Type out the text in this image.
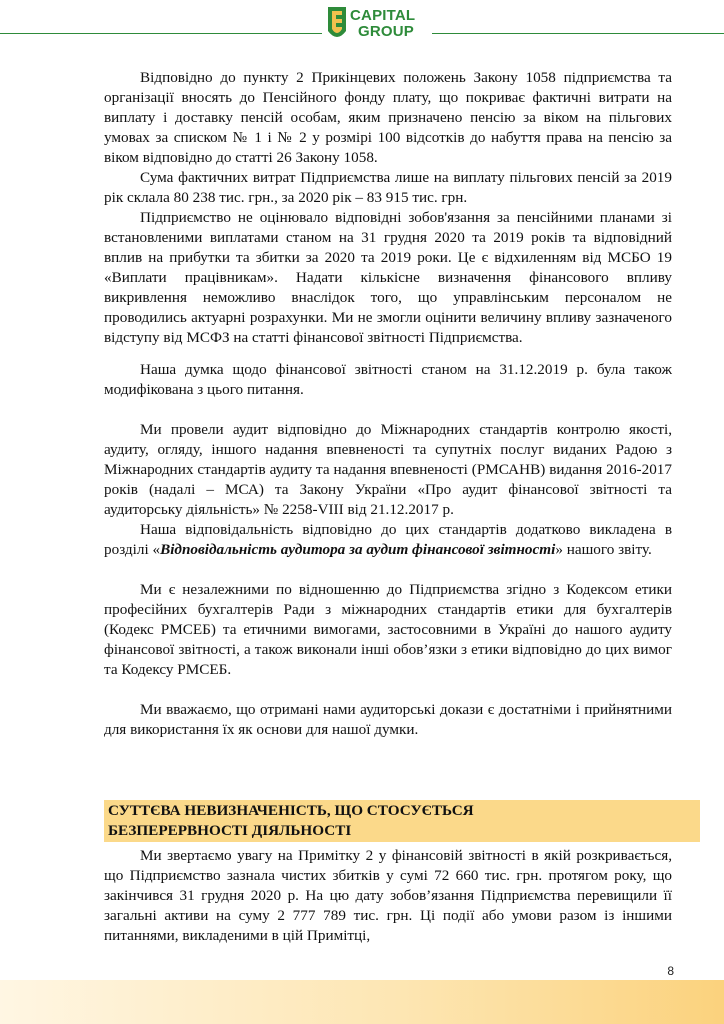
CAPITAL
GROUP

Відповідно до пункту 2 Прикінцевих положень Закону 1058 підприємства та організації вносять до Пенсійного фонду плату, що покриває фактичні витрати на виплату і доставку пенсій особам, яким призначено пенсію за віком на пільгових умовах за списком № 1 і № 2 у розмірі 100 відсотків до набуття права на пенсію за віком відповідно до статті 26 Закону 1058.

Сума фактичних витрат Підприємства лише на виплату пільгових пенсій за 2019 рік склала 80 238 тис. грн., за 2020 рік – 83 915 тис. грн.

Підприємство не оцінювало відповідні зобов'язання за пенсійними планами зі встановленими виплатами станом на 31 грудня 2020 та 2019 років та відповідний вплив на прибутки та збитки за 2020 та 2019 роки. Це є відхиленням від МСБО 19 «Виплати працівникам». Надати кількісне визначення фінансового впливу викривлення неможливо внаслідок того, що управлінським персоналом не проводились актуарні розрахунки. Ми не змогли оцінити величину впливу зазначеного відступу від МСФЗ на статті фінансової звітності Підприємства.

Наша думка щодо фінансової звітності станом на 31.12.2019 р. була також модифікована з цього питання.

Ми провели аудит відповідно до Міжнародних стандартів контролю якості, аудиту, огляду, іншого надання впевненості та супутніх послуг виданих Радою з Міжнародних стандартів аудиту та надання впевненості (РМСАНВ) видання 2016-2017 років (надалі – МСА) та Закону України «Про аудит фінансової звітності та аудиторську діяльність» № 2258-VIII від 21.12.2017 р.

Наша відповідальність відповідно до цих стандартів додатково викладена в розділі «Відповідальність аудитора за аудит фінансової звітності» нашого звіту.

Ми є незалежними по відношенню до Підприємства згідно з Кодексом етики професійних бухгалтерів Ради з міжнародних стандартів етики для бухгалтерів (Кодекс РМСЕБ) та етичними вимогами, застосовними в Україні до нашого аудиту фінансової звітності, а також виконали інші обов’язки з етики відповідно до цих вимог та Кодексу РМСЕБ.

Ми вважаємо, що отримані нами аудиторські докази є достатніми і прийнятними для використання їх як основи для нашої думки.

СУТТЄВА НЕВИЗНАЧЕНІСТЬ, ЩО СТОСУЄТЬСЯ
БЕЗПЕРЕРВНОСТІ ДІЯЛЬНОСТІ

Ми звертаємо увагу на Примітку 2 у фінансовій звітності в якій розкривається, що Підприємство зазнала чистих збитків у сумі 72 660 тис. грн. протягом року, що закінчився 31 грудня 2020 р. На цю дату зобов’язання Підприємства перевищили її загальні активи на суму 2 777 789 тис. грн. Ці події або умови разом із іншими питаннями, викладеними в цій Примітці,

8
